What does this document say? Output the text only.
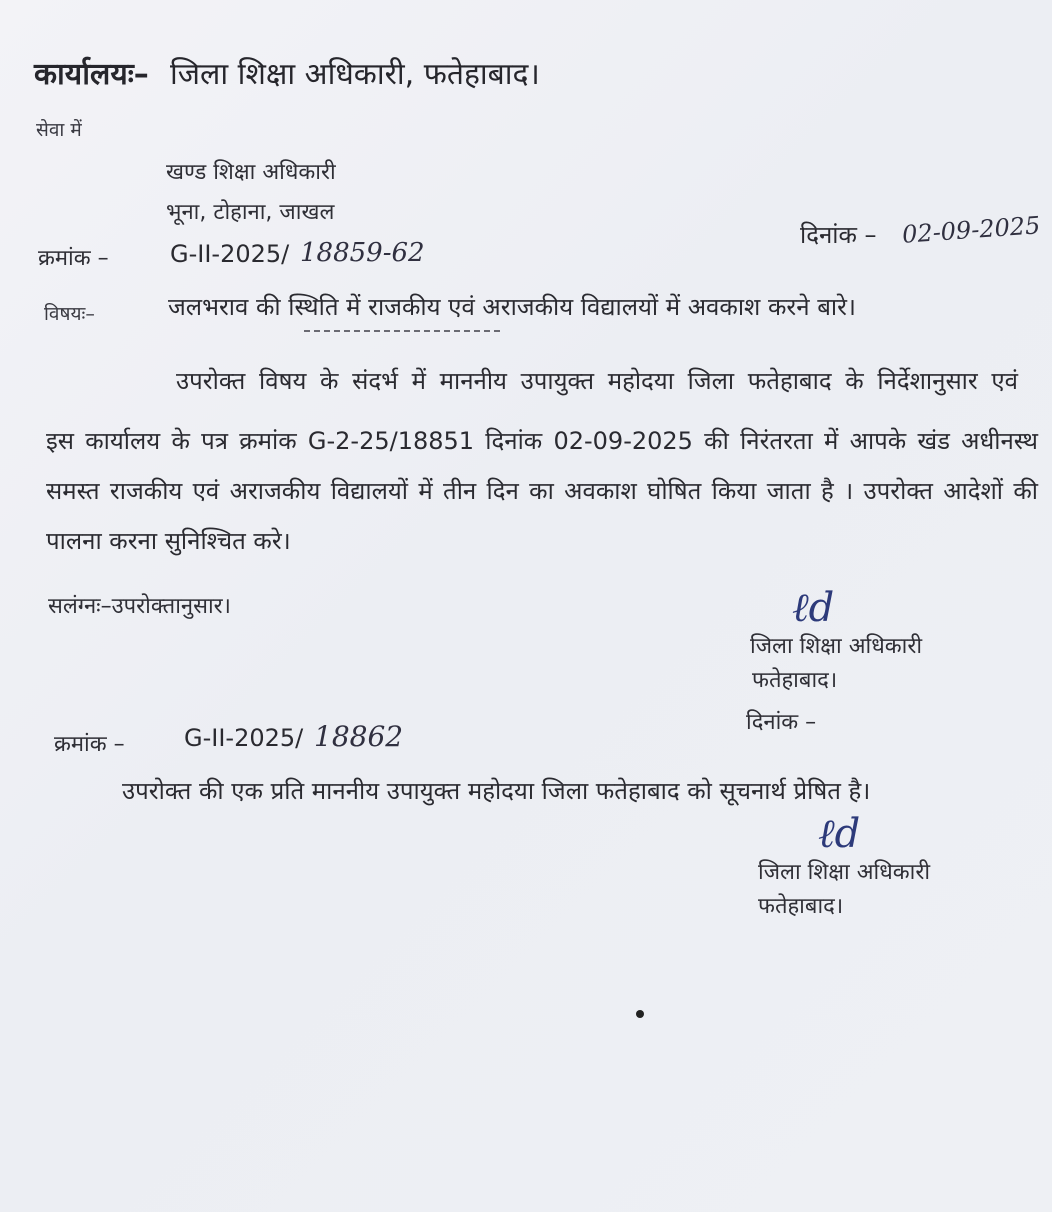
कार्यालयः– जिला शिक्षा अधिकारी, फतेहाबाद।

सेवा में

खण्ड शिक्षा अधिकारी

भूना, टोहाना, जाखल

दिनांक – 02-09-2025

क्रमांक –	G-II-2025/ 18859-62

विषयः–	जलभराव की स्थिति में राजकीय एवं अराजकीय विद्यालयों में अवकाश करने बारे।

उपरोक्त विषय के संदर्भ में माननीय उपायुक्त महोदया जिला फतेहाबाद के निर्देशानुसार एवं
इस कार्यालय के पत्र क्रमांक G-2-25/18851 दिनांक 02-09-2025 की निरंतरता में आपके खंड अधीनस्थ
समस्त राजकीय एवं अराजकीय विद्यालयों में तीन दिन का अवकाश घोषित किया जाता है । उपरोक्त आदेशों की
पालना करना सुनिश्चित करे।

सलंग्नः–उपरोक्तानुसार।	ℓd

जिला शिक्षा अधिकारी

फतेहाबाद।

दिनांक –

क्रमांक – G-II-2025/ 18862

उपरोक्त की एक प्रति माननीय उपायुक्त महोदया जिला फतेहाबाद को सूचनार्थ प्रेषित है।

ℓd

जिला शिक्षा अधिकारी

फतेहाबाद।
